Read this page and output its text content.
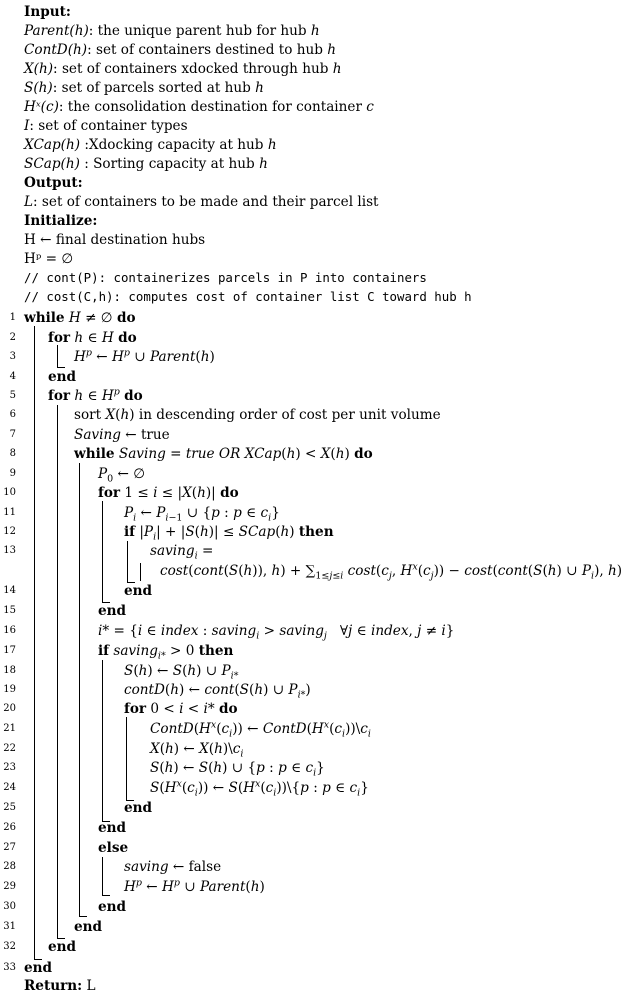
Input:
Parent(h): the unique parent hub for hub h
ContD(h): set of containers destined to hub h
X(h): set of containers xdocked through hub h
S(h): set of parcels sorted at hub h
Hˣ(c): the consolidation destination for container c
I: set of container types
XCap(h) :Xdocking capacity at hub h
SCap(h) : Sorting capacity at hub h
Output:
L: set of containers to be made and their parcel list
Initialize:
H ← final destination hubs
Hᵖ = ∅
// cont(P): containerizes parcels in P into containers
// cost(C,h): computes cost of container list C toward hub h
1 while H ≠ ∅ do
2 for h ∈ H do
3	$H^p$ ← $H^p$ ∪ Parent(h)
4 end
5 for h ∈ $H^p$ do
6	sort X(h) in descending order of cost per unit volume
7	Saving ← true
8	while Saving = true OR XCap(h) < X(h) do
9	$P_0$ ← ∅
10	for 1 ≤ i ≤ |X(h)| do
11	$P_i$ ← $P_{i-1}$ ∪ {p : p ∈ $c_i$}
12	if $|P_i| + |S(h)|$ ≤ SCap(h) then
13	saving$_i$ =
cost(cont(S(h)), $h) + \sum_{1\le j\le i}$ $\cos t(c_j$, $H^x(c_j)$) − cost(cont(S(h) ∪ $P_i$), h)
14	end
15	end
16	i* = {i ∈ index : saving$_i$ > saving$_j$   ∀j ∈ index, j ≠ i}
17	if saving$_{i*}$ > 0 then
18	S(h) ← S(h) ∪ $P_{i*}$
19	contD(h) ← cont(S(h) ∪ $P_{i*}$)
20	for 0 < i < i* do
21	$ContD(H^x(c_i))$ ← $ContD(H^x(c_i))\backslash c_i$
22	X(h) ← $X(h)\backslash c_i$
23	S(h) ← S(h) ∪ {p : p ∈ $c_i$}
24	$S(H^x(c_i))$ ← $S(H^x(c_i))\backslash\{p$ : p ∈ $c_i$}
25	end
26	end
27	else
28	saving ← false
29	$H^p$ ← $H^p$ ∪ Parent(h)
30	end
31	end
32 end
33 end
Return: L
